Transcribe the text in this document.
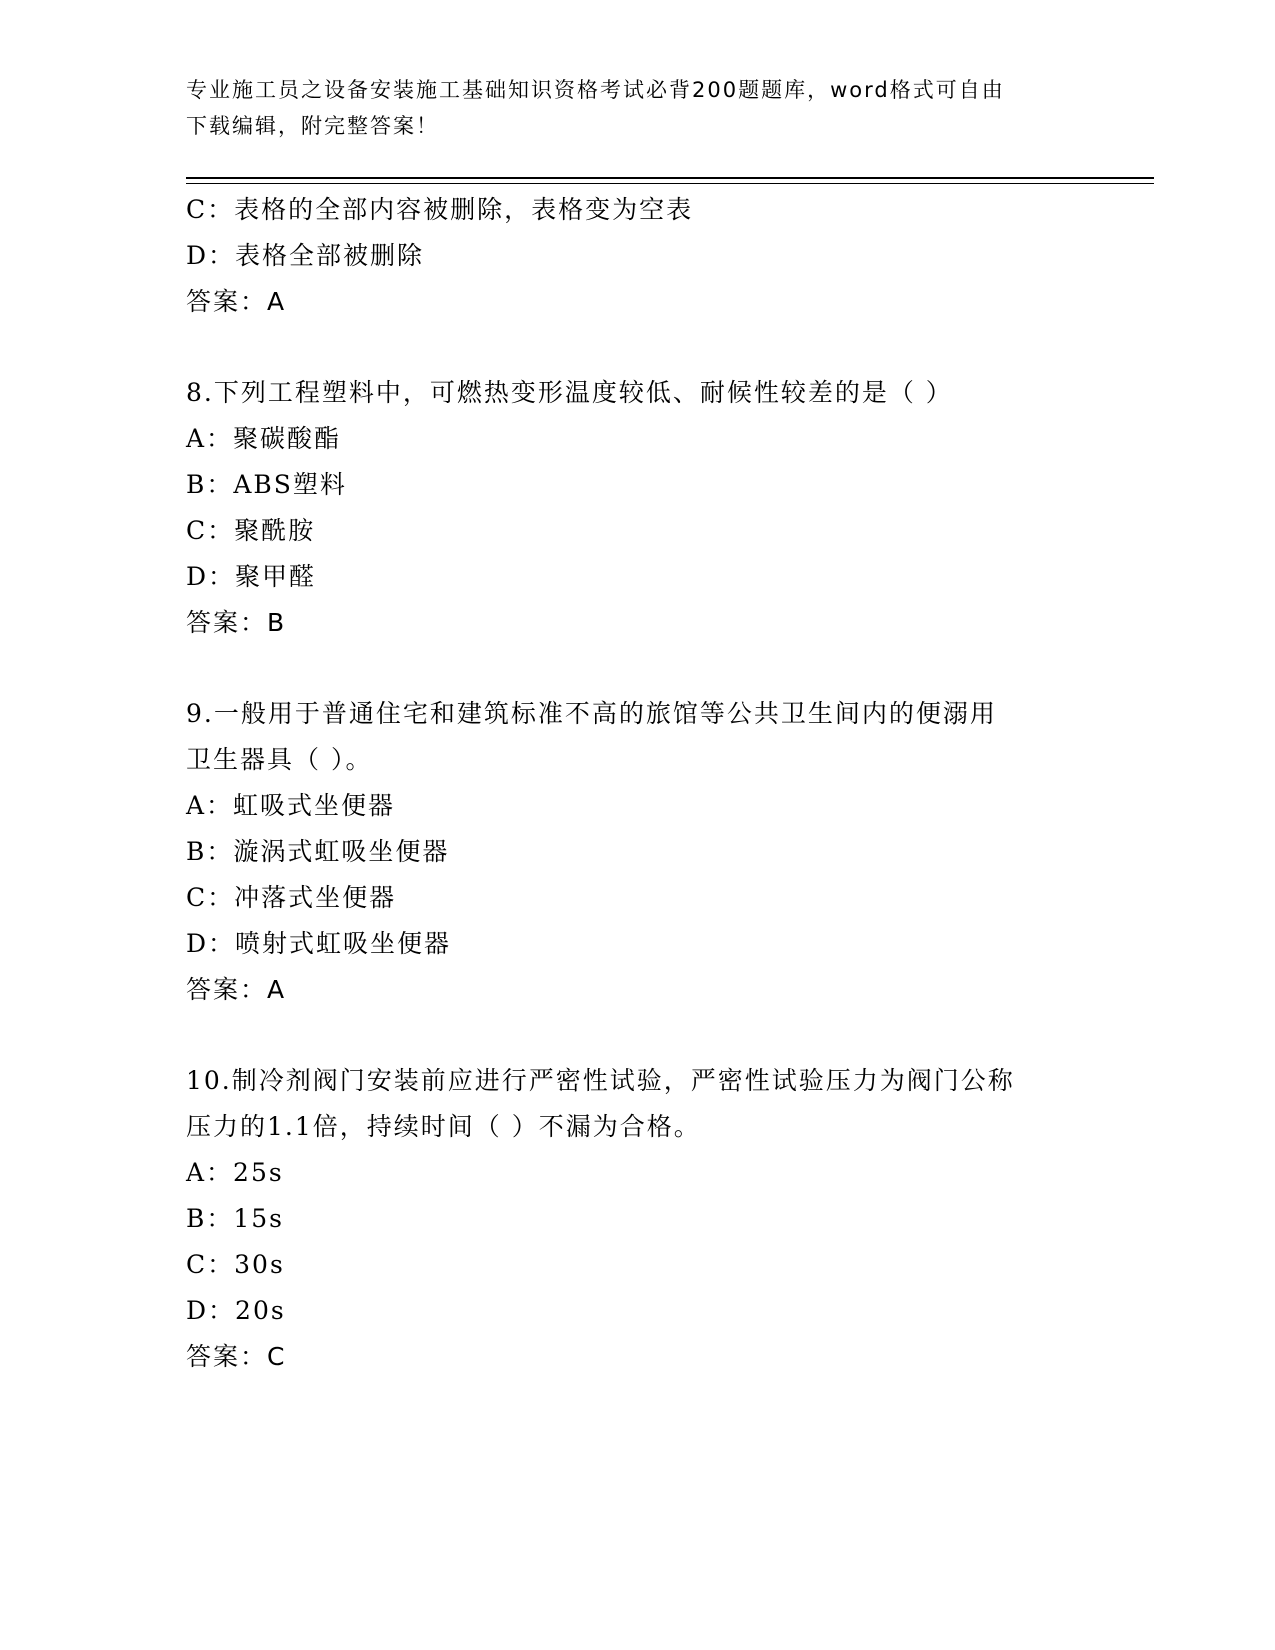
专业施工员之设备安装施工基础知识资格考试必背200题题库，word格式可自由
下载编辑，附完整答案！
C：表格的全部内容被删除，表格变为空表
D：表格全部被删除
答案：A
8.下列工程塑料中，可燃热变形温度较低、耐候性较差的是（ ）
A：聚碳酸酯
B：ABS塑料
C：聚酰胺
D：聚甲醛
答案：B
9.一般用于普通住宅和建筑标准不高的旅馆等公共卫生间内的便溺用
卫生器具（ ）。
A：虹吸式坐便器
B：漩涡式虹吸坐便器
C：冲落式坐便器
D：喷射式虹吸坐便器
答案：A
10.制冷剂阀门安装前应进行严密性试验，严密性试验压力为阀门公称
压力的1.1倍，持续时间（ ）不漏为合格。
A：25s
B：15s
C：30s
D：20s
答案：C
